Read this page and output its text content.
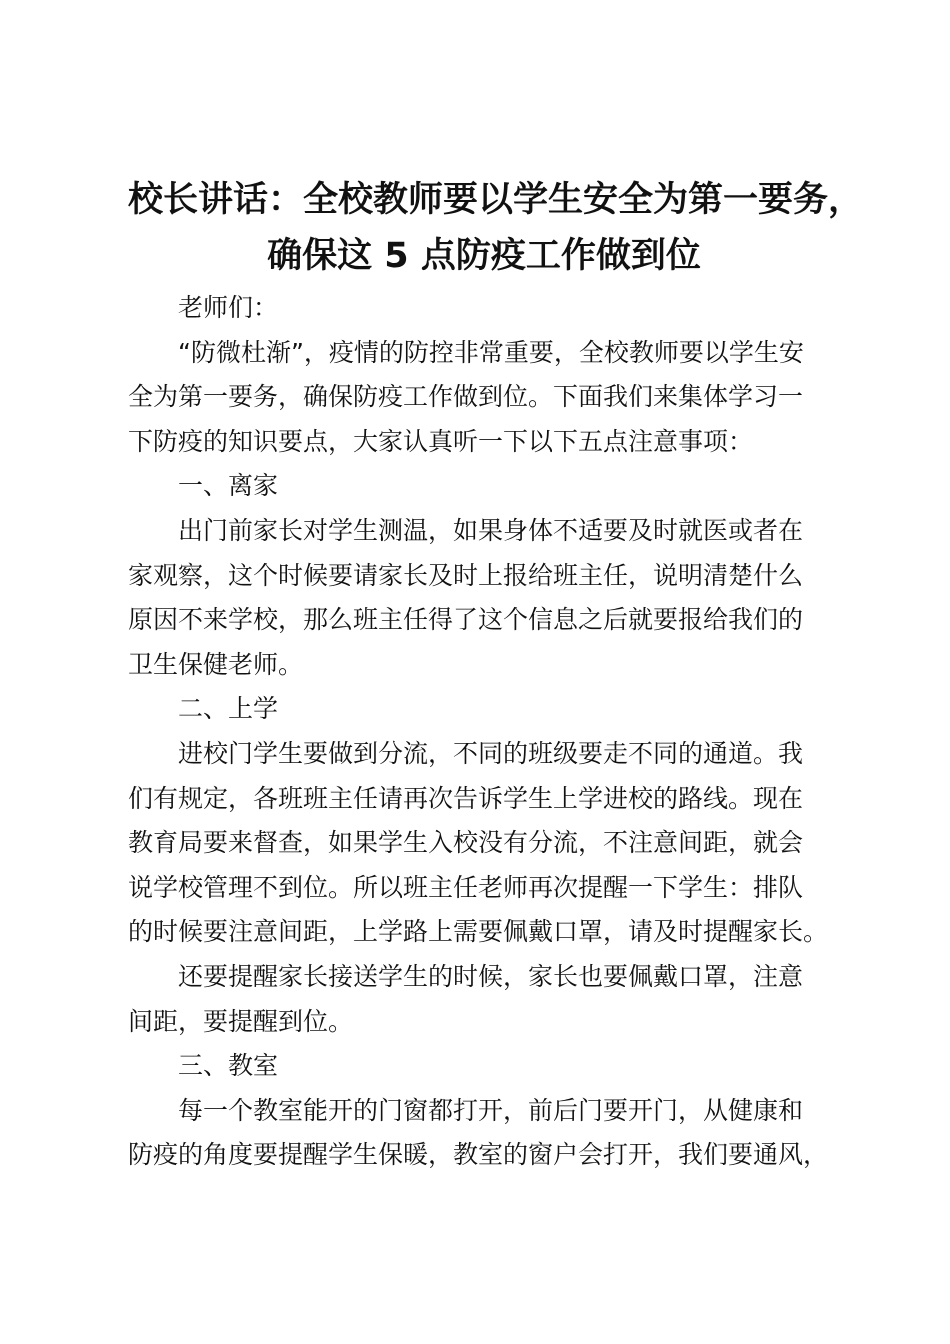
校长讲话：全校教师要以学生安全为第一要务，
确保这 5 点防疫工作做到位

老师们：

“防微杜渐”，疫情的防控非常重要，全校教师要以学生安
全为第一要务，确保防疫工作做到位。下面我们来集体学习一
下防疫的知识要点，大家认真听一下以下五点注意事项：

一、离家

出门前家长对学生测温，如果身体不适要及时就医或者在
家观察，这个时候要请家长及时上报给班主任，说明清楚什么
原因不来学校，那么班主任得了这个信息之后就要报给我们的
卫生保健老师。

二、上学

进校门学生要做到分流，不同的班级要走不同的通道。我
们有规定，各班班主任请再次告诉学生上学进校的路线。现在
教育局要来督查，如果学生入校没有分流，不注意间距，就会
说学校管理不到位。所以班主任老师再次提醒一下学生：排队
的时候要注意间距，上学路上需要佩戴口罩，请及时提醒家长。

还要提醒家长接送学生的时候，家长也要佩戴口罩，注意
间距，要提醒到位。

三、教室

每一个教室能开的门窗都打开，前后门要开门，从健康和
防疫的角度要提醒学生保暖，教室的窗户会打开，我们要通风，
